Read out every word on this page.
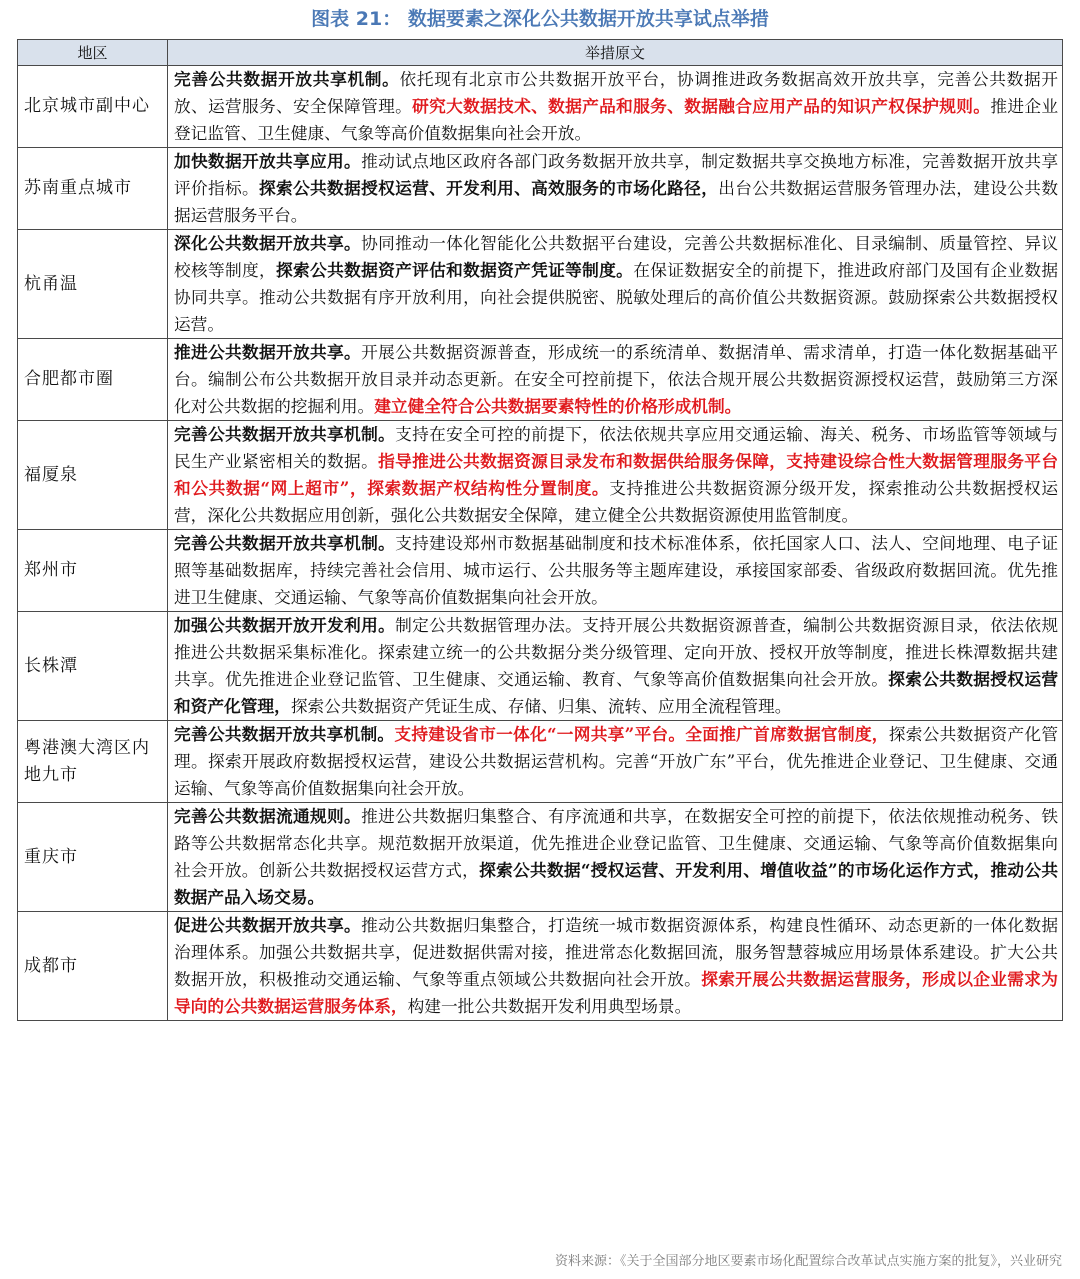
图表 21： 数据要素之深化公共数据开放共享试点举措
地区	举措原文
北京城市副中心	完善公共数据开放共享机制。依托现有北京市公共数据开放平台，协调推进政务数据高效开放共享，完善公共数据开放、运营服务、安全保障管理。研究大数据技术、数据产品和服务、数据融合应用产品的知识产权保护规则。推进企业登记监管、卫生健康、气象等高价值数据集向社会开放。
苏南重点城市	加快数据开放共享应用。推动试点地区政府各部门政务数据开放共享，制定数据共享交换地方标准，完善数据开放共享评价指标。探索公共数据授权运营、开发利用、高效服务的市场化路径，出台公共数据运营服务管理办法，建设公共数据运营服务平台。
杭甬温	深化公共数据开放共享。协同推动一体化智能化公共数据平台建设，完善公共数据标准化、目录编制、质量管控、异议校核等制度，探索公共数据资产评估和数据资产凭证等制度。在保证数据安全的前提下，推进政府部门及国有企业数据协同共享。推动公共数据有序开放利用，向社会提供脱密、脱敏处理后的高价值公共数据资源。鼓励探索公共数据授权运营。
合肥都市圈	推进公共数据开放共享。开展公共数据资源普查，形成统一的系统清单、数据清单、需求清单，打造一体化数据基础平台。编制公布公共数据开放目录并动态更新。在安全可控前提下，依法合规开展公共数据资源授权运营，鼓励第三方深化对公共数据的挖掘利用。建立健全符合公共数据要素特性的价格形成机制。
福厦泉	完善公共数据开放共享机制。支持在安全可控的前提下，依法依规共享应用交通运输、海关、税务、市场监管等领域与民生产业紧密相关的数据。指导推进公共数据资源目录发布和数据供给服务保障，支持建设综合性大数据管理服务平台和公共数据“网上超市”，探索数据产权结构性分置制度。支持推进公共数据资源分级开发，探索推动公共数据授权运营，深化公共数据应用创新，强化公共数据安全保障，建立健全公共数据资源使用监管制度。
郑州市	完善公共数据开放共享机制。支持建设郑州市数据基础制度和技术标准体系，依托国家人口、法人、空间地理、电子证照等基础数据库，持续完善社会信用、城市运行、公共服务等主题库建设，承接国家部委、省级政府数据回流。优先推进卫生健康、交通运输、气象等高价值数据集向社会开放。
长株潭	加强公共数据开放开发利用。制定公共数据管理办法。支持开展公共数据资源普查，编制公共数据资源目录，依法依规推进公共数据采集标准化。探索建立统一的公共数据分类分级管理、定向开放、授权开放等制度，推进长株潭数据共建共享。优先推进企业登记监管、卫生健康、交通运输、教育、气象等高价值数据集向社会开放。探索公共数据授权运营和资产化管理，探索公共数据资产凭证生成、存储、归集、流转、应用全流程管理。
粤港澳大湾区内地九市	完善公共数据开放共享机制。支持建设省市一体化“一网共享”平台。全面推广首席数据官制度，探索公共数据资产化管理。探索开展政府数据授权运营，建设公共数据运营机构。完善“开放广东”平台，优先推进企业登记、卫生健康、交通运输、气象等高价值数据集向社会开放。
重庆市	完善公共数据流通规则。推进公共数据归集整合、有序流通和共享，在数据安全可控的前提下，依法依规推动税务、铁路等公共数据常态化共享。规范数据开放渠道，优先推进企业登记监管、卫生健康、交通运输、气象等高价值数据集向社会开放。创新公共数据授权运营方式，探索公共数据“授权运营、开发利用、增值收益”的市场化运作方式，推动公共数据产品入场交易。
成都市	促进公共数据开放共享。推动公共数据归集整合，打造统一城市数据资源体系，构建良性循环、动态更新的一体化数据治理体系。加强公共数据共享，促进数据供需对接，推进常态化数据回流，服务智慧蓉城应用场景体系建设。扩大公共数据开放，积极推动交通运输、气象等重点领域公共数据向社会开放。探索开展公共数据运营服务，形成以企业需求为导向的公共数据运营服务体系，构建一批公共数据开发利用典型场景。
资料来源：《关于全国部分地区要素市场化配置综合改革试点实施方案的批复》，兴业研究
